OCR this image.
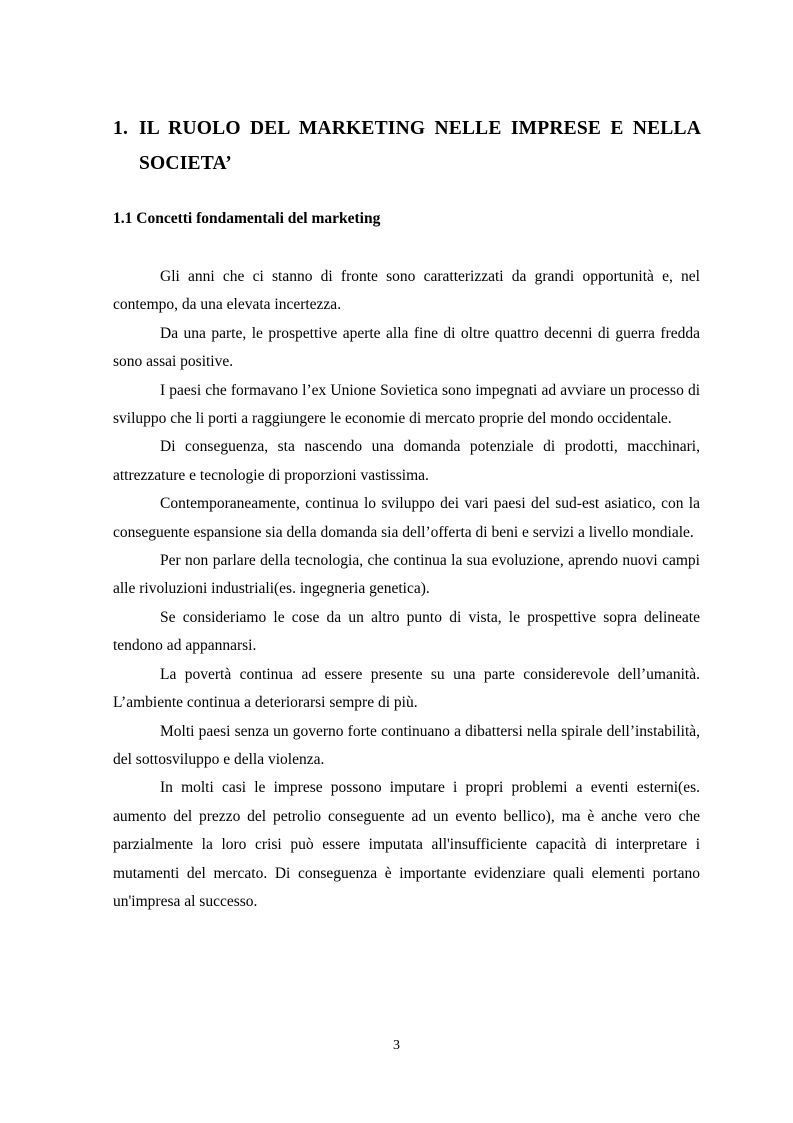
1. IL RUOLO DEL MARKETING NELLE IMPRESE E NELLA SOCIETA’
1.1 Concetti fondamentali del marketing

Gli anni che ci stanno di fronte sono caratterizzati da grandi opportunità e, nel contempo, da una elevata incertezza.

Da una parte, le prospettive aperte alla fine di oltre quattro decenni di guerra fredda sono assai positive.

I paesi che formavano l’ex Unione Sovietica sono impegnati ad avviare un processo di sviluppo che li porti a raggiungere le economie di mercato proprie del mondo occidentale.

Di conseguenza, sta nascendo una domanda potenziale di prodotti, macchinari, attrezzature e tecnologie di proporzioni vastissima.

Contemporaneamente, continua lo sviluppo dei vari paesi del sud-est asiatico, con la conseguente espansione sia della domanda sia dell’offerta di beni e servizi a livello mondiale.

Per non parlare della tecnologia, che continua la sua evoluzione, aprendo nuovi campi alle rivoluzioni industriali(es. ingegneria genetica).

Se consideriamo le cose da un altro punto di vista, le prospettive sopra delineate tendono ad appannarsi.

La povertà continua ad essere presente su una parte considerevole dell’umanità. L’ambiente continua a deteriorarsi sempre di più.

Molti paesi senza un governo forte continuano a dibattersi nella spirale dell’instabilità, del sottosviluppo e della violenza.

In molti casi le imprese possono imputare i propri problemi a eventi esterni(es. aumento del prezzo del petrolio conseguente ad un evento bellico), ma è anche vero che parzialmente la loro crisi può essere imputata all'insufficiente capacità di interpretare i mutamenti del mercato. Di conseguenza è importante evidenziare quali elementi portano un'impresa al successo.

3
